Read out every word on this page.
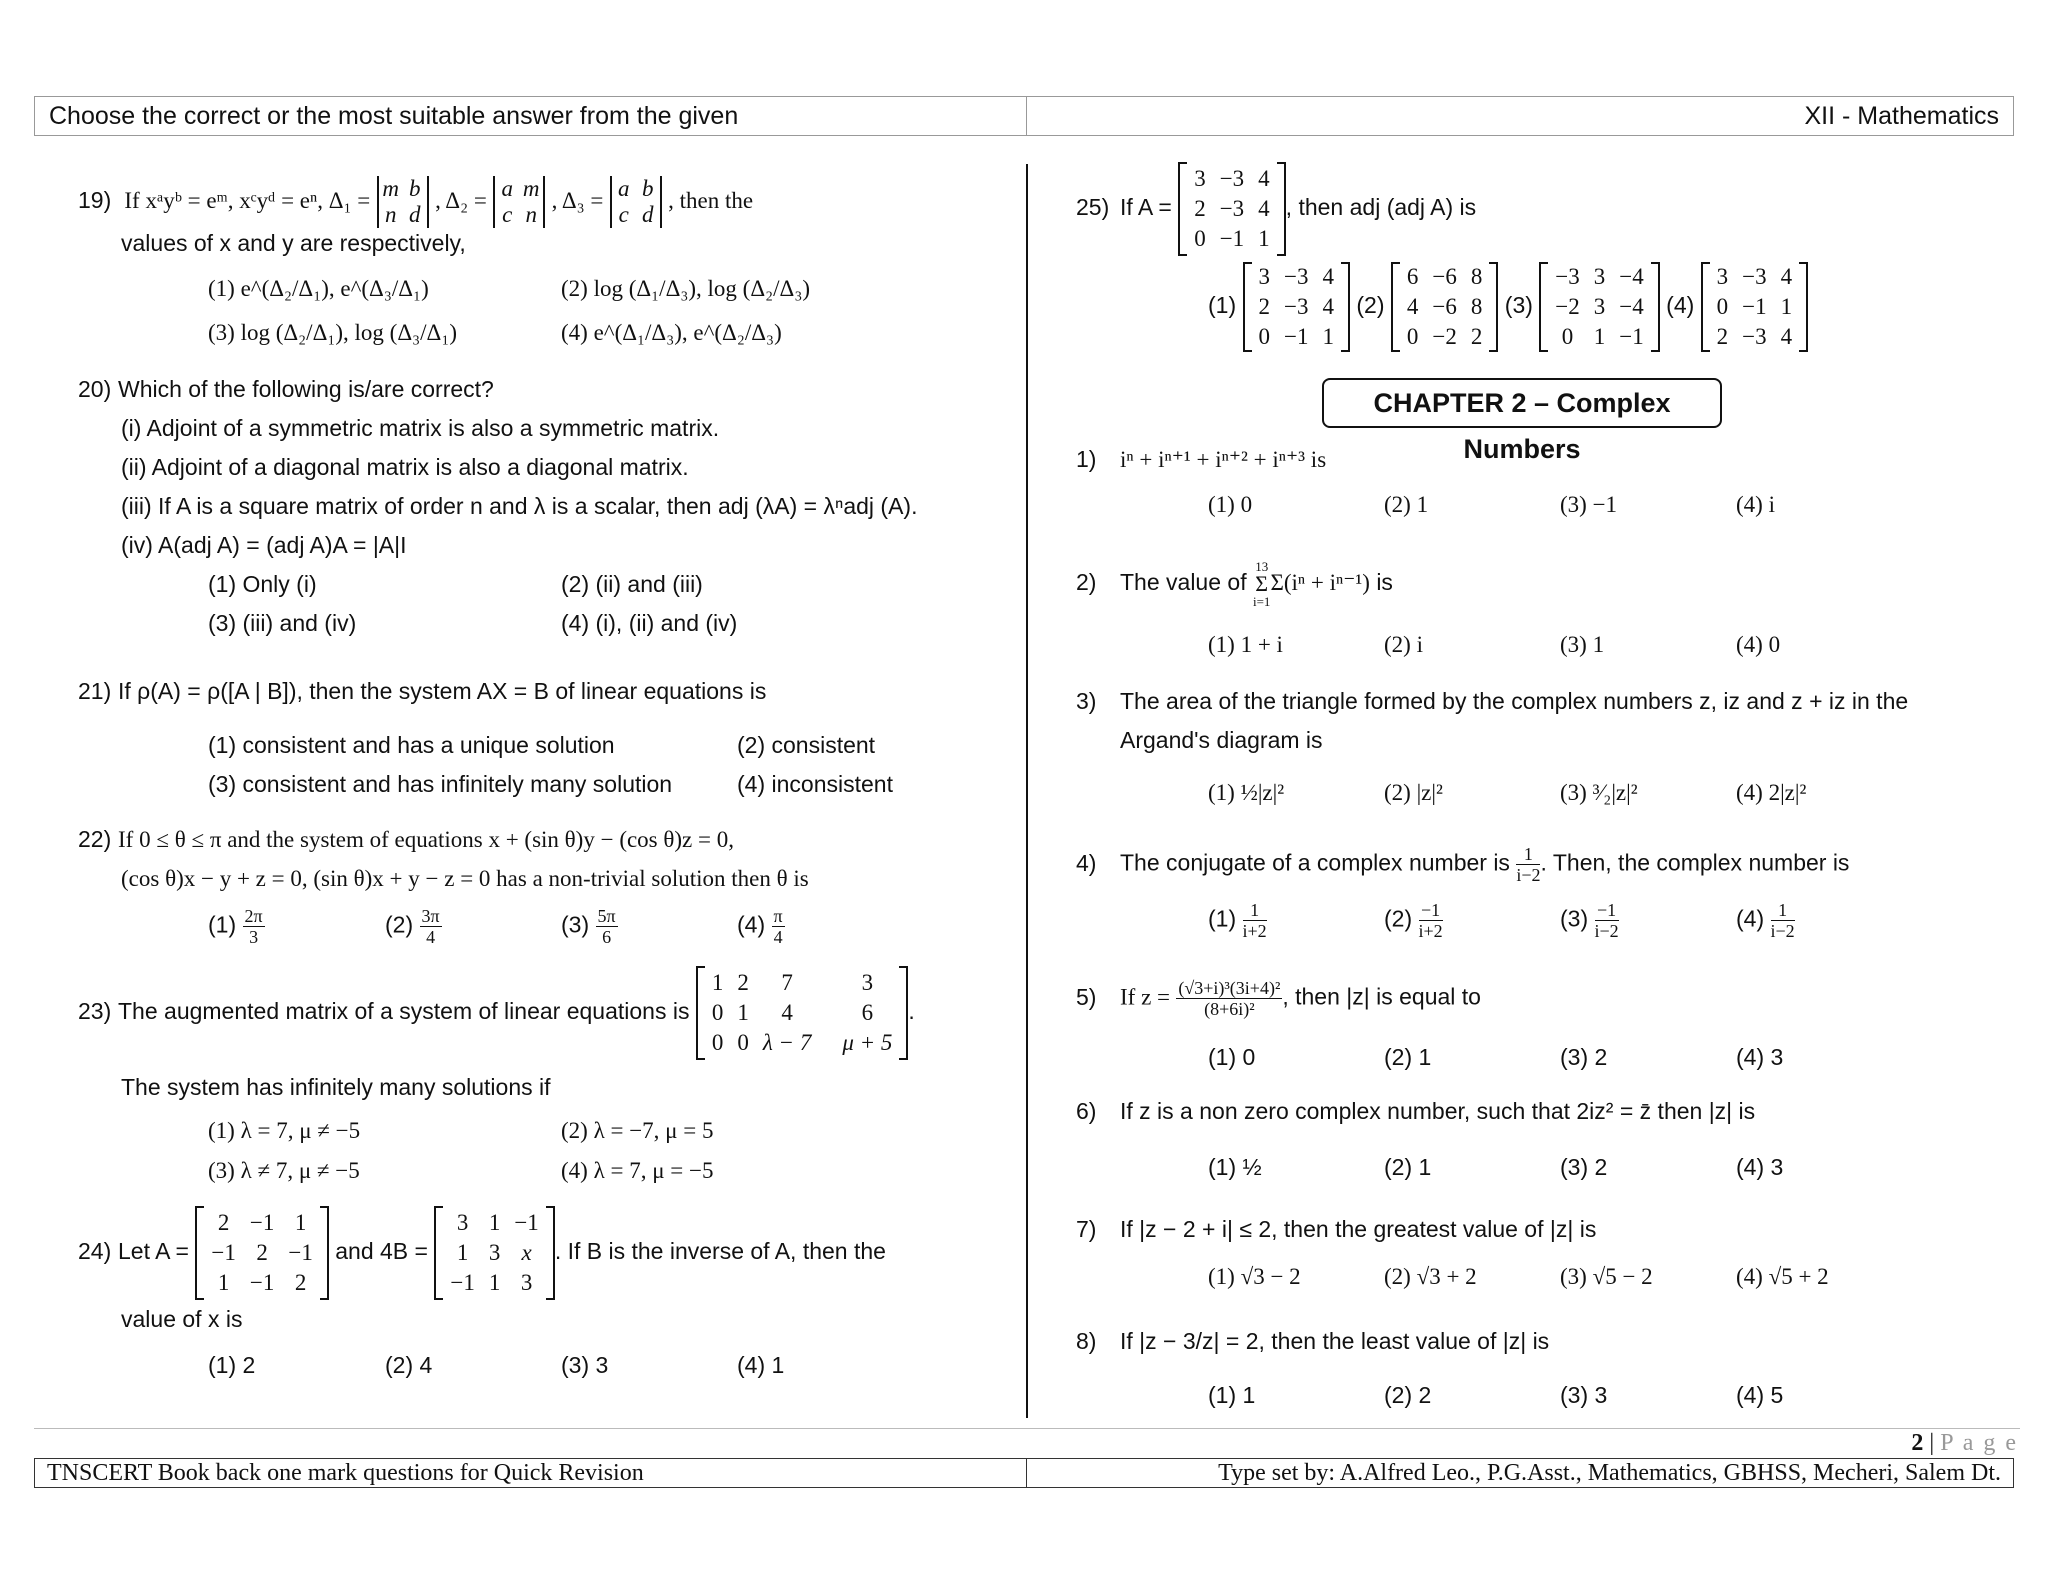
Choose the correct or the most suitable answer from the given	XII - Mathematics
19) If xᵃyᵇ = eᵐ, xᶜyᵈ = eⁿ, Δ₁ = m b
n d , Δ₂ = a m
c n , Δ₃ = a b
c d , then the
values of x and y are respectively,
(1) e^(Δ₂/Δ₁), e^(Δ₃/Δ₁)	(2) log (Δ₁/Δ₃), log (Δ₂/Δ₃)
(3) log (Δ₂/Δ₁), log (Δ₃/Δ₁)	(4) e^(Δ₁/Δ₃), e^(Δ₂/Δ₃)
20) Which of the following is/are correct?
(i) Adjoint of a symmetric matrix is also a symmetric matrix.
(ii) Adjoint of a diagonal matrix is also a diagonal matrix.
(iii) If A is a square matrix of order n and λ is a scalar, then adj (λA) = λⁿadj (A).
(iv) A(adj A) = (adj A)A = |A|I
(1) Only (i)	(2) (ii) and (iii)
(3) (iii) and (iv)	(4) (i), (ii) and (iv)
21) If ρ(A) = ρ([A | B]), then the system AX = B of linear equations is
(1) consistent and has a unique solution	(2) consistent
(3) consistent and has infinitely many solution	(4) inconsistent
22) If 0 ≤ θ ≤ π and the system of equations x + (sin θ)y − (cos θ)z = 0,
(cos θ)x − y + z = 0, (sin θ)x + y − z = 0 has a non-trivial solution then θ is
$(1) \frac{2\pi}{3}$	$(2) \frac{3\pi}{4}$	$(3) \frac{5\pi}{6}$	$(4) \frac{\pi}{4}$
23) The augmented matrix of a system of linear equations is 1	2	7	3
0	1	4	6
0	0	λ − 7	μ + 5.
The system has infinitely many solutions if
(1) λ = 7, μ ≠ −5	(2) λ = −7, μ = 5
(3) λ ≠ 7, μ ≠ −5	(4) λ = 7, μ = −5
24) Let A = 2	−1	1
−1	2	−1
1	−1	2 and 4B = 3	1	−1
1	3	x
−1	1	3. If B is the inverse of A, then the
value of x is
(1) 2	(2) 4	(3) 3	(4) 1
25) If A = 3	−3	4
2	−3	4
0	−1	1, then adj (adj A) is
(1) 3	−3	4
2	−3	4
0	−1	1 (2) 6	−6	8
4	−6	8
0	−2	2 (3) −3	3	−4
−2	3	−4
0	1	−1 (4) 3	−3	4
0	−1	1
2	−3	4
CHAPTER 2 – Complex Numbers
1) iⁿ + iⁿ⁺¹ + iⁿ⁺² + iⁿ⁺³ is
(1) 0	(2) 1	(3) −1	(4) i
2) The value of
13
Σ
i=1
Σ(iⁿ + iⁿ⁻¹) is
(1) 1 + i	(2) i	(3) 1	(4) 0
3) The area of the triangle formed by the complex numbers z, iz and z + iz in the
Argand's diagram is
(1) ½|z|²	(2) |z|²	(3) ³⁄₂|z|²	(4) 2|z|²
4) The conjugate of a complex number is $\frac{1}{i-2}$ . Then, the complex number is
$(1) \frac{1}{i+2}$	$(2) \frac{-1}{i+2}$	$(3) \frac{-1}{i-2}$	$(4) \frac{1}{i-2}$
5) If $z = \frac{\text{(√3+i)³(3i+4)²}}{\text{(8+6i)²}}$ , then |z| is equal to
(1) 0	(2) 1	(3) 2	(4) 3
6) If z is a non zero complex number, such that 2iz² = z̄ then |z| is
(1) ½	(2) 1	(3) 2	(4) 3
7) If |z − 2 + i| ≤ 2, then the greatest value of |z| is
(1) √3 − 2	(2) √3 + 2	(3) √5 − 2	(4) √5 + 2
8) If |z − 3/z| = 2, then the least value of |z| is
(1) 1	(2) 2	(3) 3	(4) 5
2 | P a g e
TNSCERT Book back one mark questions for Quick Revision	Type set by: A.Alfred Leo., P.G.Asst., Mathematics, GBHSS, Mecheri, Salem Dt.
